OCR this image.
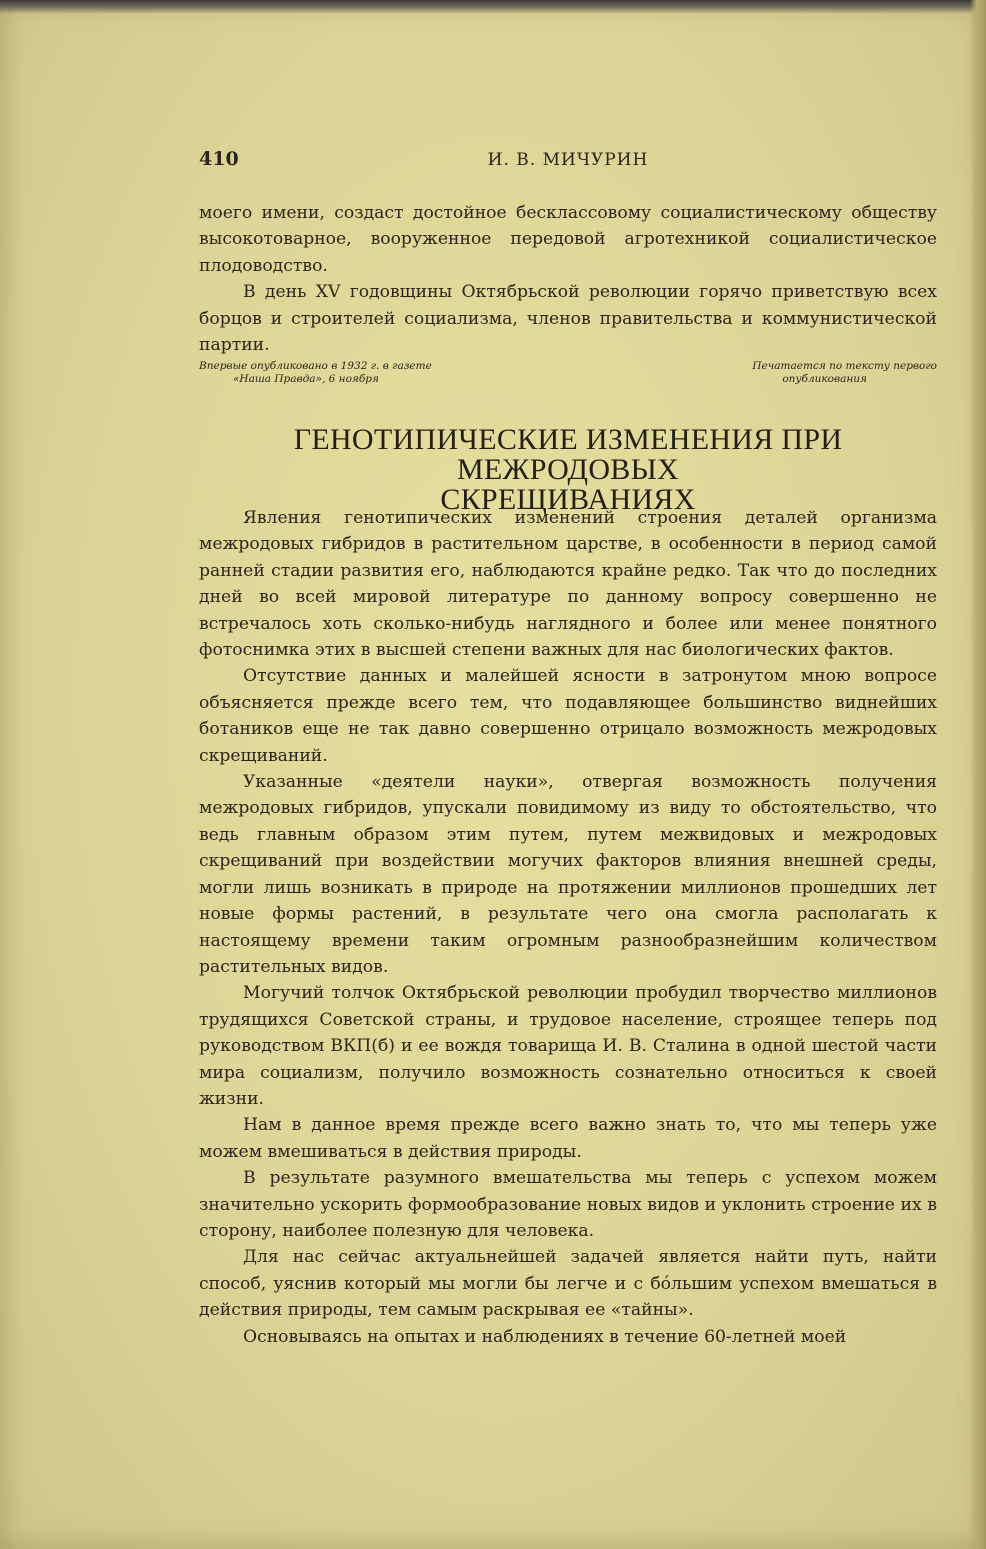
410	И. В. МИЧУРИН

моего имени, создаст достойное бесклассовому социалистическому обществу высокотоварное, вооруженное передовой агротехникой социалистическое плодоводство.

В день XV годовщины Октябрьской революции горячо приветствую всех борцов и строителей социализма, членов правительства и коммунистической партии.

Впервые опубликовано в 1932 г. в газете
«Наша Правда», 6 ноября
Печатается по тексту первого
опубликования
ГЕНОТИПИЧЕСКИЕ ИЗМЕНЕНИЯ ПРИ МЕЖРОДОВЫХ
СКРЕЩИВАНИЯХ

Явления генотипических изменений строения деталей организма межродовых гибридов в растительном царстве, в особенности в период самой ранней стадии развития его, наблюдаются крайне редко. Так что до последних дней во всей мировой литературе по данному вопросу совершенно не встречалось хоть сколько-нибудь наглядного и более или менее понятного фотоснимка этих в высшей степени важных для нас биологических фактов.

Отсутствие данных и малейшей ясности в затронутом мною вопросе объясняется прежде всего тем, что подавляющее большинство виднейших ботаников еще не так давно совершенно отрицало возможность межродовых скрещиваний.

Указанные «деятели науки», отвергая возможность получения межродовых гибридов, упускали повидимому из виду то обстоятельство, что ведь главным образом этим путем, путем межвидовых и межродовых скрещиваний при воздействии могучих факторов влияния внешней среды, могли лишь возникать в природе на протяжении миллионов прошедших лет новые формы растений, в результате чего она смогла располагать к настоящему времени таким огромным разнообразнейшим количеством растительных видов.

Могучий толчок Октябрьской революции пробудил творчество миллионов трудящихся Советской страны, и трудовое население, строящее теперь под руководством ВКП(б) и ее вождя товарища И. В. Сталина в одной шестой части мира социализм, получило возможность сознательно относиться к своей жизни.

Нам в данное время прежде всего важно знать то, что мы теперь уже можем вмешиваться в действия природы.

В результате разумного вмешательства мы теперь с успехом можем значительно ускорить формообразование новых видов и уклонить строение их в сторону, наиболее полезную для человека.

Для нас сейчас актуальнейшей задачей является найти путь, найти способ, уяснив который мы могли бы легче и с бóльшим успехом вмешаться в действия природы, тем самым раскрывая ее «тайны».

Основываясь на опытах и наблюдениях в течение 60-летней моей
